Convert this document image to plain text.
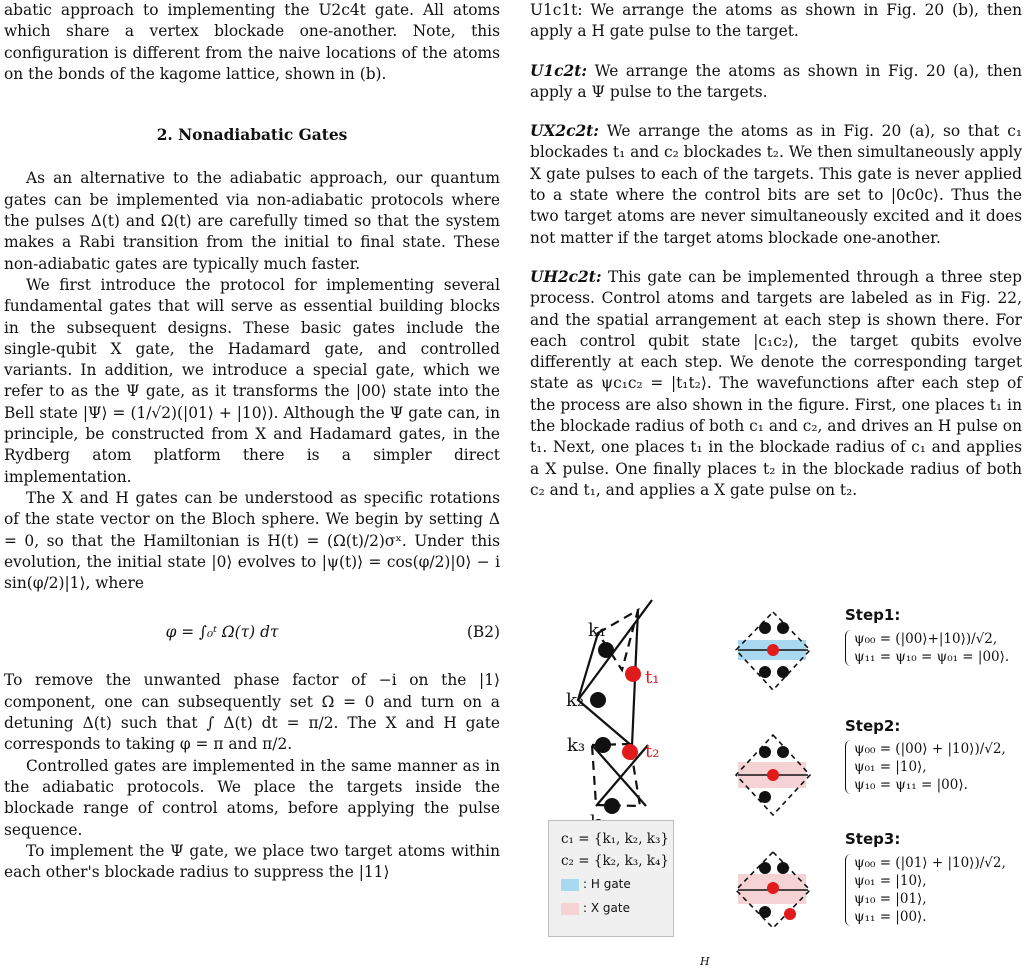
abatic approach to implementing the U2c4t gate. All atoms which share a vertex blockade one-another. Note, this configuration is different from the naive locations of the atoms on the bonds of the kagome lattice, shown in (b).

2. Nonadiabatic Gates

As an alternative to the adiabatic approach, our quantum gates can be implemented via non-adiabatic protocols where the pulses Δ(t) and Ω(t) are carefully timed so that the system makes a Rabi transition from the initial to final state. These non-adiabatic gates are typically much faster.

We first introduce the protocol for implementing several fundamental gates that will serve as essential building blocks in the subsequent designs. These basic gates include the single-qubit X gate, the Hadamard gate, and controlled variants. In addition, we introduce a special gate, which we refer to as the Ψ gate, as it transforms the |00⟩ state into the Bell state |Ψ⟩ = (1/√2)(|01⟩ + |10⟩). Although the Ψ gate can, in principle, be constructed from X and Hadamard gates, in the Rydberg atom platform there is a simpler direct implementation.

The X and H gates can be understood as specific rotations of the state vector on the Bloch sphere. We begin by setting Δ = 0, so that the Hamiltonian is H(t) = (Ω(t)/2)σˣ. Under this evolution, the initial state |0⟩ evolves to |ψ(t)⟩ = cos(φ/2)|0⟩ − i sin(φ/2)|1⟩, where

φ = ∫₀ᵗ Ω(τ) dτ	(B2)

To remove the unwanted phase factor of −i on the |1⟩ component, one can subsequently set Ω = 0 and turn on a detuning Δ(t) such that ∫ Δ(t) dt = π/2. The X and H gate corresponds to taking φ = π and π/2.

Controlled gates are implemented in the same manner as in the adiabatic protocols. We place the targets inside the blockade range of control atoms, before applying the pulse sequence.

To implement the Ψ gate, we place two target atoms within each other's blockade radius to suppress the |11⟩

U1c1t: We arrange the atoms as shown in Fig. 20 (b), then apply a H gate pulse to the target.

U1c2t: We arrange the atoms as shown in Fig. 20 (a), then apply a Ψ pulse to the targets.

UX2c2t: We arrange the atoms as in Fig. 20 (a), so that c₁ blockades t₁ and c₂ blockades t₂. We then simultaneously apply X gate pulses to each of the targets. This gate is never applied to a state where the control bits are set to |0c0c⟩. Thus the two target atoms are never simultaneously excited and it does not matter if the target atoms blockade one-another.

UH2c2t: This gate can be implemented through a three step process. Control atoms and targets are labeled as in Fig. 22, and the spatial arrangement at each step is shown there. For each control qubit state |c₁c₂⟩, the target qubits evolve differently at each step. We denote the corresponding target state as ψc₁c₂ = |t₁t₂⟩. The wavefunctions after each step of the process are also shown in the figure. First, one places t₁ in the blockade radius of both c₁ and c₂, and drives an H pulse on t₁. Next, one places t₁ in the blockade radius of c₁ and applies a X pulse. One finally places t₂ in the blockade radius of both c₂ and t₁, and applies a X gate pulse on t₂.

k₁
k₂
k₃
t₁
t₂
c₁ = {k₁, k₂, k₃}
c₂ = {k₂, k₃, k₄}
: H gate
: X gate
Step1:
ψ₀₀ = (|00⟩+|10⟩)/√2,
ψ₁₁ = ψ₁₀ = ψ₀₁ = |00⟩.
Step2:
ψ₀₀ = (|00⟩ + |10⟩)/√2,
ψ₀₁ = |10⟩,
ψ₁₀ = ψ₁₁ = |00⟩.
Step3:
ψ₀₀ = (|01⟩ + |10⟩)/√2,
ψ₀₁ = |10⟩,
ψ₁₀ = |01⟩,
ψ₁₁ = |00⟩.
H
